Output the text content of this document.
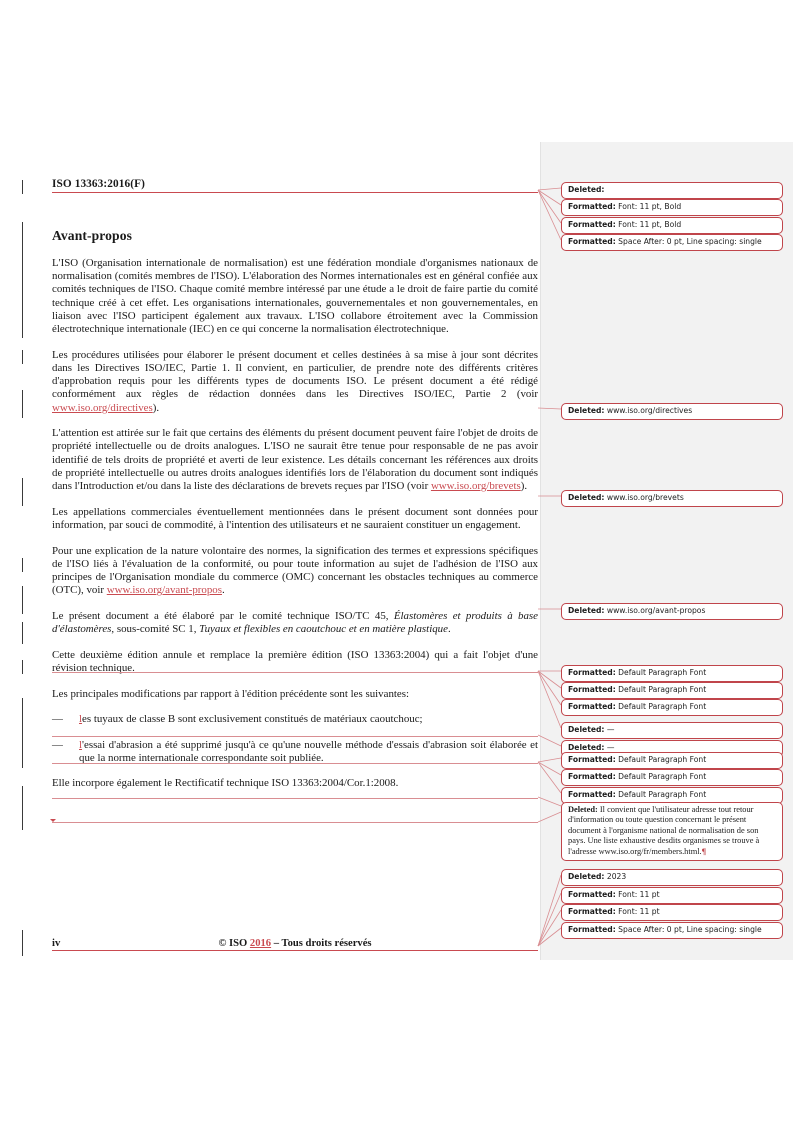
ISO 13363:2016(F)
Avant-propos

L'ISO (Organisation internationale de normalisation) est une fédération mondiale d'organismes nationaux de normalisation (comités membres de l'ISO). L'élaboration des Normes internationales est en général confiée aux comités techniques de l'ISO. Chaque comité membre intéressé par une étude a le droit de faire partie du comité technique créé à cet effet. Les organisations internationales, gouvernementales et non gouvernementales, en liaison avec l'ISO participent également aux travaux. L'ISO collabore étroitement avec la Commission électrotechnique internationale (IEC) en ce qui concerne la normalisation électrotechnique.

Les procédures utilisées pour élaborer le présent document et celles destinées à sa mise à jour sont décrites dans les Directives ISO/IEC, Partie 1. Il convient, en particulier, de prendre note des différents critères d'approbation requis pour les différents types de documents ISO. Le présent document a été rédigé conformément aux règles de rédaction données dans les Directives ISO/IEC, Partie 2 (voir www.iso.org/directives).

L'attention est attirée sur le fait que certains des éléments du présent document peuvent faire l'objet de droits de propriété intellectuelle ou de droits analogues. L'ISO ne saurait être tenue pour responsable de ne pas avoir identifié de tels droits de propriété et averti de leur existence. Les détails concernant les références aux droits de propriété intellectuelle ou autres droits analogues identifiés lors de l'élaboration du document sont indiqués dans l'Introduction et/ou dans la liste des déclarations de brevets reçues par l'ISO (voir www.iso.org/brevets).

Les appellations commerciales éventuellement mentionnées dans le présent document sont données pour information, par souci de commodité, à l'intention des utilisateurs et ne sauraient constituer un engagement.

Pour une explication de la nature volontaire des normes, la signification des termes et expressions spécifiques de l'ISO liés à l'évaluation de la conformité, ou pour toute information au sujet de l'adhésion de l'ISO aux principes de l'Organisation mondiale du commerce (OMC) concernant les obstacles techniques au commerce (OTC), voir www.iso.org/avant-propos.

Le présent document a été élaboré par le comité technique ISO/TC 45, Élastomères et produits à base d'élastomères, sous-comité SC 1, Tuyaux et flexibles en caoutchouc et en matière plastique.

Cette deuxième édition annule et remplace la première édition (ISO 13363:2004) qui a fait l'objet d'une révision technique.

Les principales modifications par rapport à l'édition précédente sont les suivantes:

— les tuyaux de classe B sont exclusivement constitués de matériaux caoutchouc;
— l'essai d'abrasion a été supprimé jusqu'à ce qu'une nouvelle méthode d'essais d'abrasion soit élaborée et que la norme internationale correspondante soit publiée.

Elle incorpore également le Rectificatif technique ISO 13363:2004/Cor.1:2008.

iv	© ISO 2016 – Tous droits réservés
Deleted:
Formatted: Font: 11 pt, Bold
Formatted: Font: 11 pt, Bold
Formatted: Space After: 0 pt, Line spacing: single
Deleted: www.iso.org/directives
Deleted: www.iso.org/brevets
Deleted: www.iso.org/avant-propos
Formatted: Default Paragraph Font
Formatted: Default Paragraph Font
Formatted: Default Paragraph Font
Deleted: —
Deleted: —
Formatted: Default Paragraph Font
Formatted: Default Paragraph Font
Formatted: Default Paragraph Font
Deleted: 2023
Formatted: Font: 11 pt
Formatted: Font: 11 pt
Formatted: Space After: 0 pt, Line spacing: single
Deleted: Il convient que l'utilisateur adresse tout retour d'information ou toute question concernant le présent document à l'organisme national de normalisation de son pays. Une liste exhaustive desdits organismes se trouve à l'adresse www.iso.org/fr/members.html.¶
